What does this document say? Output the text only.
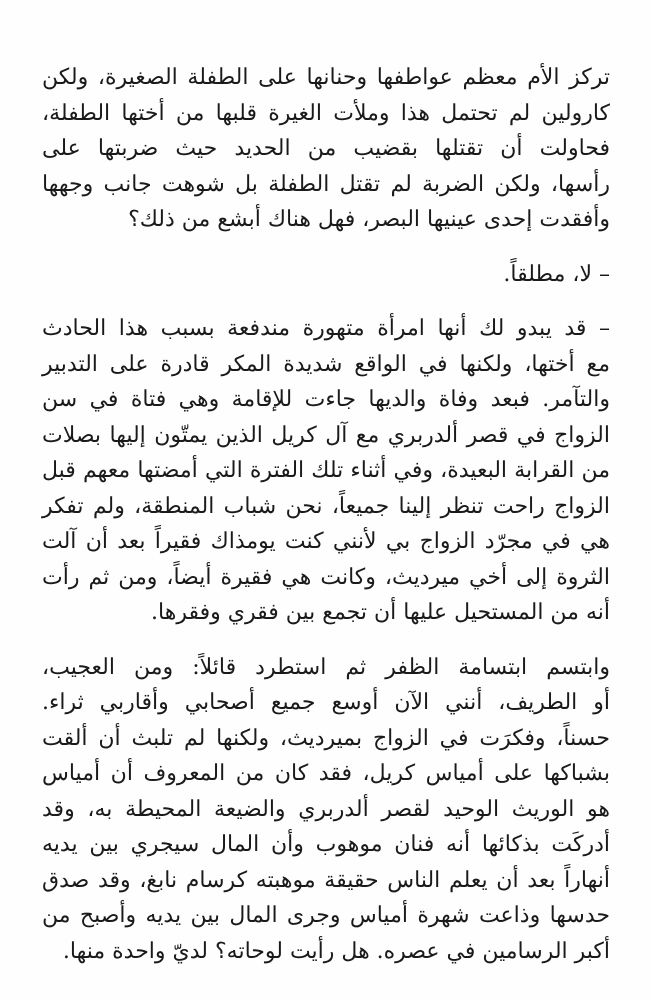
تركز الأم معظم عواطفها وحنانها على الطفلة الصغيرة، ولكن
كارولين لم تحتمل هذا وملأت الغيرة قلبها من أختها الطفلة،
فحاولت أن تقتلها بقضيب من الحديد حيث ضربتها على
رأسها، ولكن الضربة لم تقتل الطفلة بل شوهت جانب وجهها
وأفقدت إحدى عينيها البصر، فهل هناك أبشع من ذلك؟
– لا، مطلقاً.
– قد يبدو لك أنها امرأة متهورة مندفعة بسبب هذا الحادث
مع أختها، ولكنها في الواقع شديدة المكر قادرة على التدبير
والتآمر. فبعد وفاة والديها جاءت للإقامة وهي فتاة في سن
الزواج في قصر ألدربري مع آل كريل الذين يمتّون إليها بصلات
من القرابة البعيدة، وفي أثناء تلك الفترة التي أمضتها معهم قبل
الزواج راحت تنظر إلينا جميعاً، نحن شباب المنطقة، ولم تفكر
هي في مجرّد الزواج بي لأنني كنت يومذاك فقيراً بعد أن آلت
الثروة إلى أخي ميرديث، وكانت هي فقيرة أيضاً، ومن ثم رأت
أنه من المستحيل عليها أن تجمع بين فقري وفقرها.
وابتسم ابتسامة الظفر ثم استطرد قائلاً: ومن العجيب،
أو الطريف، أنني الآن أوسع جميع أصحابي وأقاربي ثراء.
حسناً، وفكرَت في الزواج بميرديث، ولكنها لم تلبث أن ألقت
بشباكها على أمياس كريل، فقد كان من المعروف أن أمياس
هو الوريث الوحيد لقصر ألدربري والضيعة المحيطة به، وقد
أدركَت بذكائها أنه فنان موهوب وأن المال سيجري بين يديه
أنهاراً بعد أن يعلم الناس حقيقة موهبته كرسام نابغ، وقد صدق
حدسها وذاعت شهرة أمياس وجرى المال بين يديه وأصبح من
أكبر الرسامين في عصره. هل رأيت لوحاته؟ لديّ واحدة منها.
